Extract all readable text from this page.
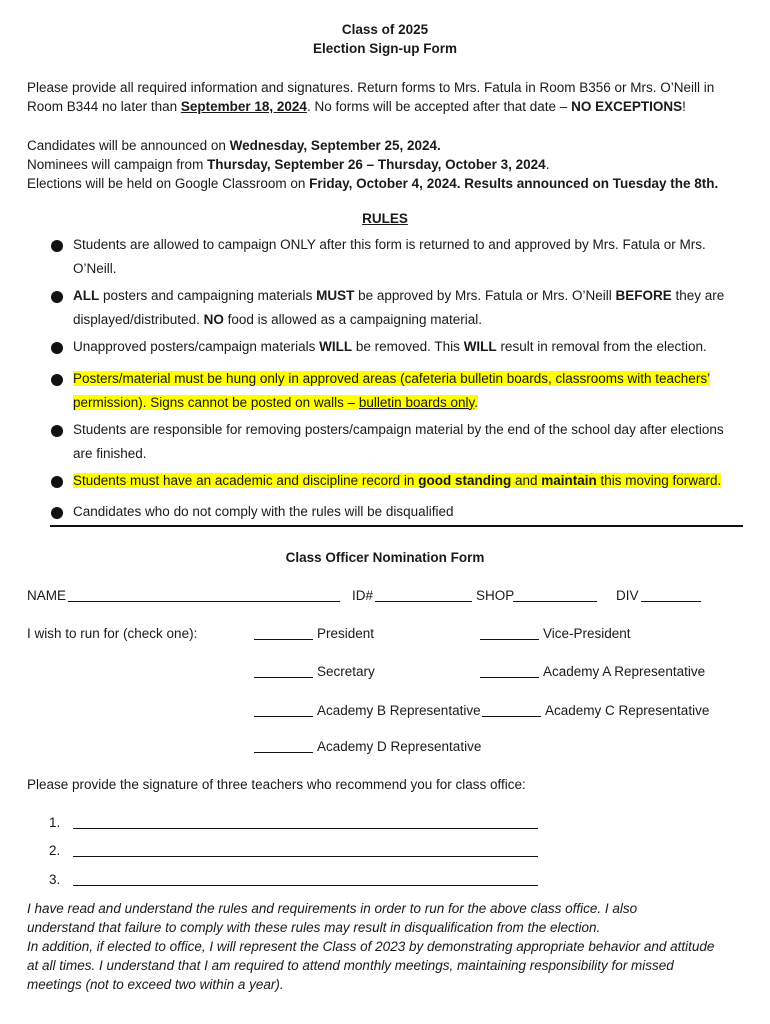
Class of 2025
Election Sign-up Form
Please provide all required information and signatures. Return forms to Mrs. Fatula in Room B356 or Mrs. O’Neill in Room B344 no later than September 18, 2024. No forms will be accepted after that date – NO EXCEPTIONS!
Candidates will be announced on Wednesday, September 25, 2024.
Nominees will campaign from Thursday, September 26 – Thursday, October 3, 2024.
Elections will be held on Google Classroom on Friday, October 4, 2024. Results announced on Tuesday the 8th.
RULES
Students are allowed to campaign ONLY after this form is returned to and approved by Mrs. Fatula or Mrs. O’Neill.
ALL posters and campaigning materials MUST be approved by Mrs. Fatula or Mrs. O’Neill BEFORE they are displayed/distributed. NO food is allowed as a campaigning material.
Unapproved posters/campaign materials WILL be removed. This WILL result in removal from the election.
Posters/material must be hung only in approved areas (cafeteria bulletin boards, classrooms with teachers’ permission). Signs cannot be posted on walls – bulletin boards only.
Students are responsible for removing posters/campaign material by the end of the school day after elections are finished.
Students must have an academic and discipline record in good standing and maintain this moving forward.
Candidates who do not comply with the rules will be disqualified
Class Officer Nomination Form
NAME	ID#	SHOP	DIV
I wish to run for (check one):	President	Vice-President
Secretary	Academy A Representative
Academy B Representative	Academy C Representative
Academy D Representative
Please provide the signature of three teachers who recommend you for class office:
1.
2.
3.
I have read and understand the rules and requirements in order to run for the above class office. I also
understand that failure to comply with these rules may result in disqualification from the election.
In addition, if elected to office, I will represent the Class of 2023 by demonstrating appropriate behavior and attitude
at all times. I understand that I am required to attend monthly meetings, maintaining responsibility for missed
meetings (not to exceed two within a year).
